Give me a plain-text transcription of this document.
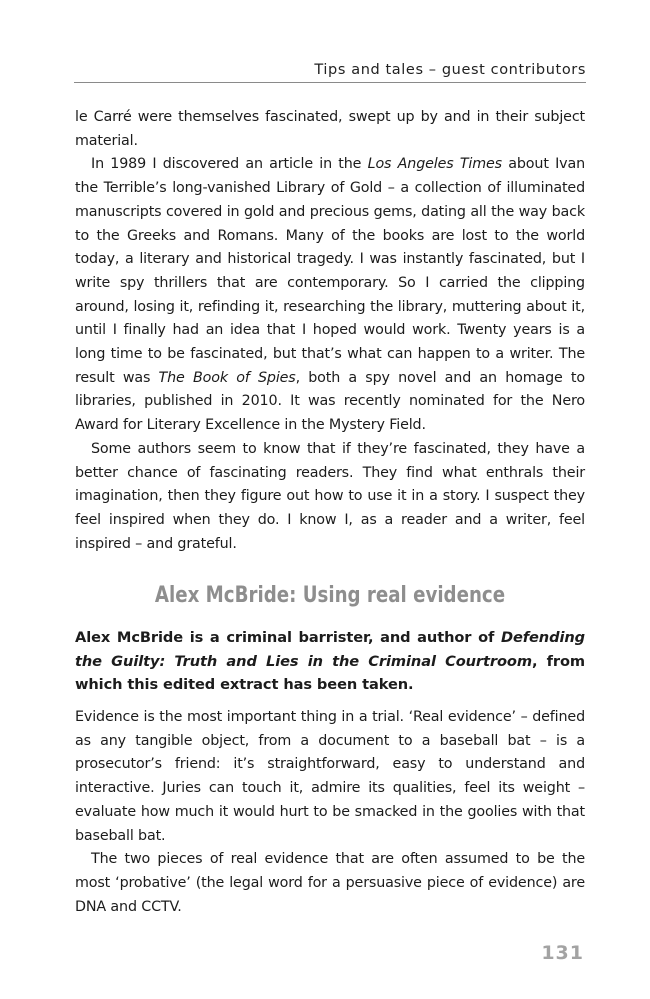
Tips and tales – guest contributors

le Carré were themselves fascinated, swept up by and in their subject material.

In 1989 I discovered an article in the Los Angeles Times about Ivan the Terrible’s long-vanished Library of Gold – a collection of illuminated manuscripts covered in gold and precious gems, dating all the way back to the Greeks and Romans. Many of the books are lost to the world today, a literary and historical tragedy. I was instantly fascinated, but I write spy thrillers that are contemporary. So I carried the clipping around, losing it, refinding it, researching the library, muttering about it, until I finally had an idea that I hoped would work. Twenty years is a long time to be fascinated, but that’s what can happen to a writer. The result was The Book of Spies, both a spy novel and an homage to libraries, published in 2010. It was recently nominated for the Nero Award for Literary Excellence in the Mystery Field.

Some authors seem to know that if they’re fascinated, they have a better chance of fascinating readers. They find what enthrals their imagination, then they figure out how to use it in a story. I suspect they feel inspired when they do. I know I, as a reader and a writer, feel inspired – and grateful.

Alex McBride: Using real evidence
Alex McBride is a criminal barrister, and author of Defending the Guilty: Truth and Lies in the Criminal Courtroom, from which this edited extract has been taken.

Evidence is the most important thing in a trial. ‘Real evidence’ – defined as any tangible object, from a document to a baseball bat – is a prosecutor’s friend: it’s straightforward, easy to understand and interactive. Juries can touch it, admire its qualities, feel its weight – evaluate how much it would hurt to be smacked in the goolies with that baseball bat.

The two pieces of real evidence that are often assumed to be the most ‘probative’ (the legal word for a persuasive piece of evidence) are DNA and CCTV.

131
